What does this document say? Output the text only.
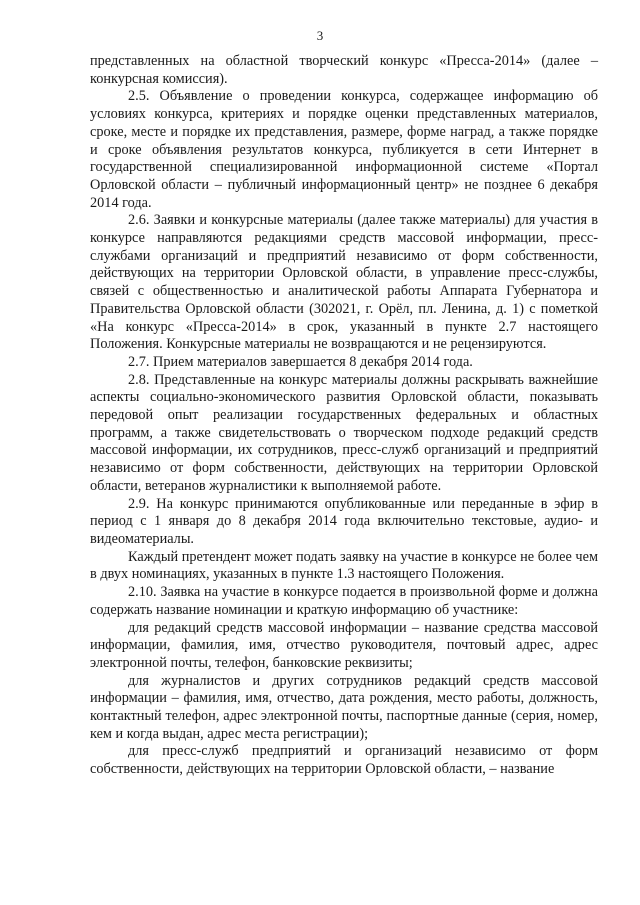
3

представленных на областной творческий конкурс «Пресса-2014» (далее – конкурсная комиссия).

2.5. Объявление о проведении конкурса, содержащее информацию об условиях конкурса, критериях и порядке оценки представленных материалов, сроке, месте и порядке их представления, размере, форме наград, а также порядке и сроке объявления результатов конкурса, публикуется в сети Интернет в государственной специализированной информационной системе «Портал Орловской области – публичный информационный центр» не позднее 6 декабря 2014 года.

2.6. Заявки и конкурсные материалы (далее также материалы) для участия в конкурсе направляются редакциями средств массовой информации, пресс-службами организаций и предприятий независимо от форм собственности, действующих на территории Орловской области, в управление пресс-службы, связей с общественностью и аналитической работы Аппарата Губернатора и Правительства Орловской области (302021, г. Орёл, пл. Ленина, д. 1) с пометкой «На конкурс «Пресса-2014» в срок, указанный в пункте 2.7 настоящего Положения. Конкурсные материалы не возвращаются и не рецензируются.

2.7. Прием материалов завершается 8 декабря 2014 года.

2.8. Представленные на конкурс материалы должны раскрывать важнейшие аспекты социально-экономического развития Орловской области, показывать передовой опыт реализации государственных федеральных и областных программ, а также свидетельствовать о творческом подходе редакций средств массовой информации, их сотрудников, пресс-служб организаций и предприятий независимо от форм собственности, действующих на территории Орловской области, ветеранов журналистики к выполняемой работе.

2.9. На конкурс принимаются опубликованные или переданные в эфир в период с 1 января до 8 декабря 2014 года включительно текстовые, аудио- и видеоматериалы.

Каждый претендент может подать заявку на участие в конкурсе не более чем в двух номинациях, указанных в пункте 1.3 настоящего Положения.

2.10. Заявка на участие в конкурсе подается в произвольной форме и должна содержать название номинации и краткую информацию об участнике:

для редакций средств массовой информации – название средства массовой информации, фамилия, имя, отчество руководителя, почтовый адрес, адрес электронной почты, телефон, банковские реквизиты;

для журналистов и других сотрудников редакций средств массовой информации – фамилия, имя, отчество, дата рождения, место работы, должность, контактный телефон, адрес электронной почты, паспортные данные (серия, номер, кем и когда выдан, адрес места регистрации);

для пресс-служб предприятий и организаций независимо от форм собственности, действующих на территории Орловской области, – название
